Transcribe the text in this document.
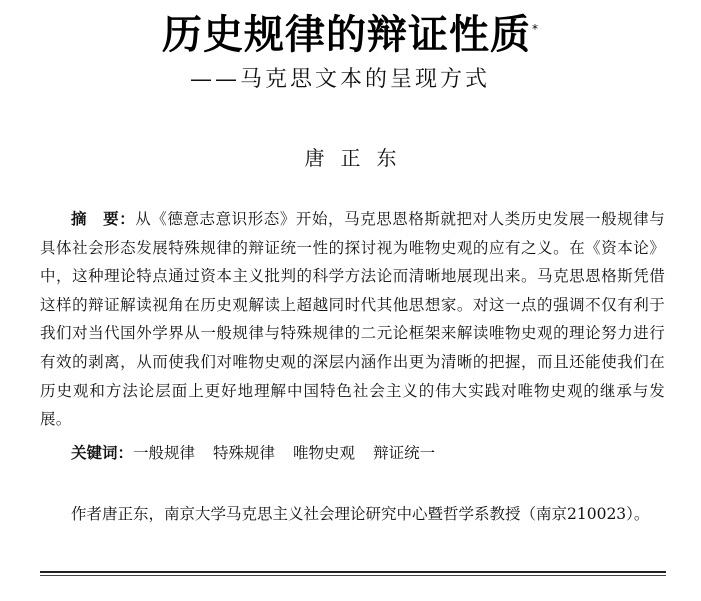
历史规律的辩证性质*
——马克思文本的呈现方式
唐正东
摘　要：从《德意志意识形态》开始，马克思恩格斯就把对人类历史发展一般规律与具体社会形态发展特殊规律的辩证统一性的探讨视为唯物史观的应有之义。在《资本论》中，这种理论特点通过资本主义批判的科学方法论而清晰地展现出来。马克思恩格斯凭借这样的辩证解读视角在历史观解读上超越同时代其他思想家。对这一点的强调不仅有利于我们对当代国外学界从一般规律与特殊规律的二元论框架来解读唯物史观的理论努力进行有效的剥离，从而使我们对唯物史观的深层内涵作出更为清晰的把握，而且还能使我们在历史观和方法论层面上更好地理解中国特色社会主义的伟大实践对唯物史观的继承与发展。
关键词：一般规律 特殊规律 唯物史观 辩证统一
作者唐正东，南京大学马克思主义社会理论研究中心暨哲学系教授（南京210023）。
